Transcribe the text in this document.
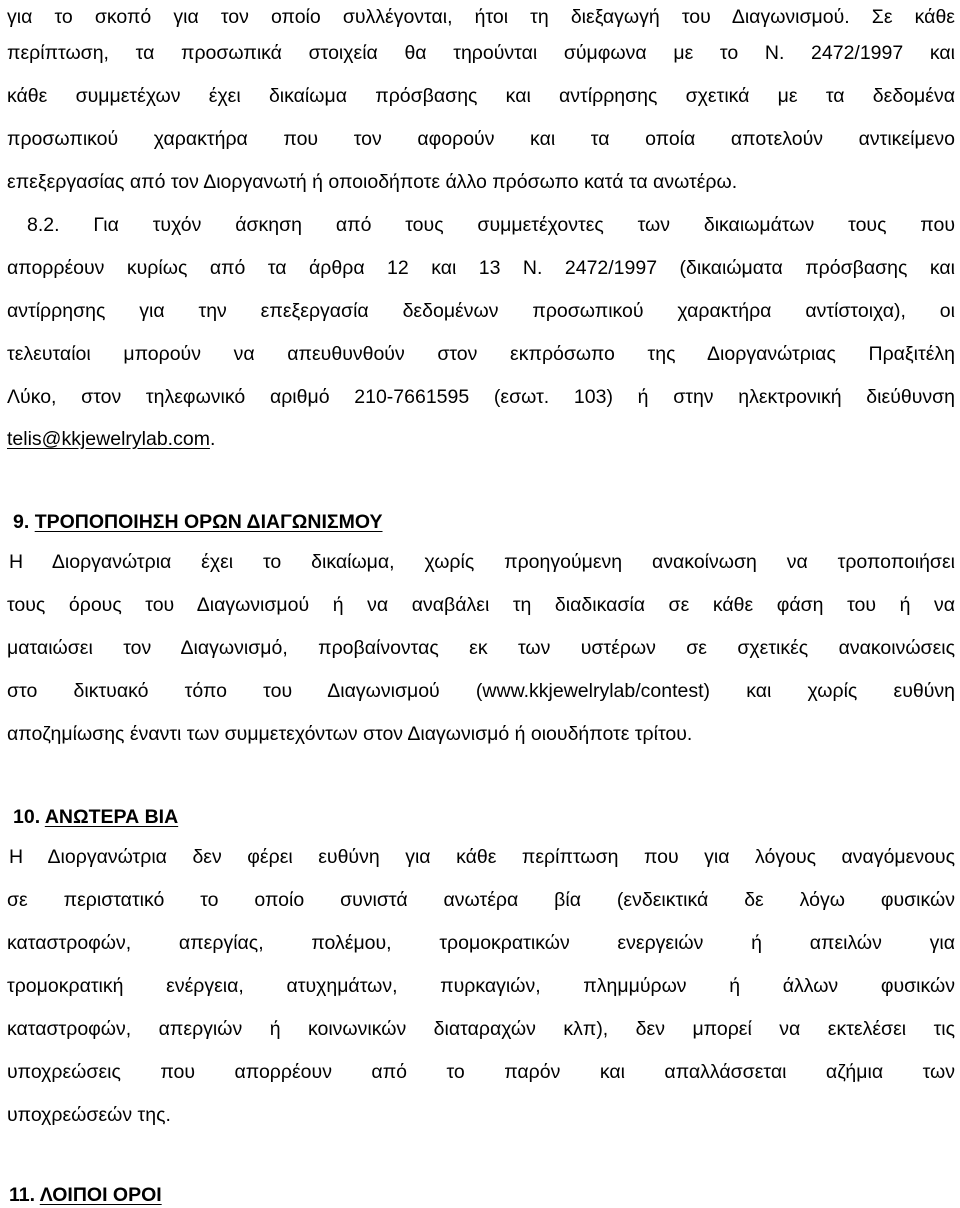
για το σκοπό για τον οποίο συλλέγονται, ήτοι τη διεξαγωγή του Διαγωνισμού. Σε κάθε
περίπτωση, τα προσωπικά στοιχεία θα τηρούνται σύμφωνα με το Ν. 2472/1997 και
κάθε συμμετέχων έχει δικαίωμα πρόσβασης και αντίρρησης σχετικά με τα δεδομένα
προσωπικού χαρακτήρα που τον αφορούν και τα οποία αποτελούν αντικείμενο
επεξεργασίας από τον Διοργανωτή ή οποιοδήποτε άλλο πρόσωπο κατά τα ανωτέρω.
8.2. Για τυχόν άσκηση από τους συμμετέχοντες των δικαιωμάτων τους που
απορρέουν κυρίως από τα άρθρα 12 και 13 Ν. 2472/1997 (δικαιώματα πρόσβασης και
αντίρρησης για την επεξεργασία δεδομένων προσωπικού χαρακτήρα αντίστοιχα), οι
τελευταίοι μπορούν να απευθυνθούν στον εκπρόσωπο της Διοργανώτριας Πραξιτέλη
Λύκο, στον τηλεφωνικό αριθμό 210-7661595 (εσωτ. 103) ή στην ηλεκτρονική διεύθυνση
telis@kkjewelrylab.com.
9. ΤΡΟΠΟΠΟΙΗΣΗ ΟΡΩΝ ΔΙΑΓΩΝΙΣΜΟΥ
Η Διοργανώτρια έχει το δικαίωμα, χωρίς προηγούμενη ανακοίνωση να τροποποιήσει
τους όρους του Διαγωνισμού ή να αναβάλει τη διαδικασία σε κάθε φάση του ή να
ματαιώσει τον Διαγωνισμό, προβαίνοντας εκ των υστέρων σε σχετικές ανακοινώσεις
στο δικτυακό τόπο του Διαγωνισμού (www.kkjewelrylab/contest) και χωρίς ευθύνη
αποζημίωσης έναντι των συμμετεχόντων στον Διαγωνισμό ή οιουδήποτε τρίτου.
10. ΑΝΩΤΕΡΑ ΒΙΑ
Η Διοργανώτρια δεν φέρει ευθύνη για κάθε περίπτωση που για λόγους αναγόμενους
σε περιστατικό το οποίο συνιστά ανωτέρα βία (ενδεικτικά δε λόγω φυσικών
καταστροφών, απεργίας, πολέμου, τρομοκρατικών ενεργειών ή απειλών για
τρομοκρατική ενέργεια, ατυχημάτων, πυρκαγιών, πλημμύρων ή άλλων φυσικών
καταστροφών, απεργιών ή κοινωνικών διαταραχών κλπ), δεν μπορεί να εκτελέσει τις
υποχρεώσεις που απορρέουν από το παρόν και απαλλάσσεται αζήμια των
υποχρεώσεών της.
11. ΛΟΙΠΟΙ ΟΡΟΙ
